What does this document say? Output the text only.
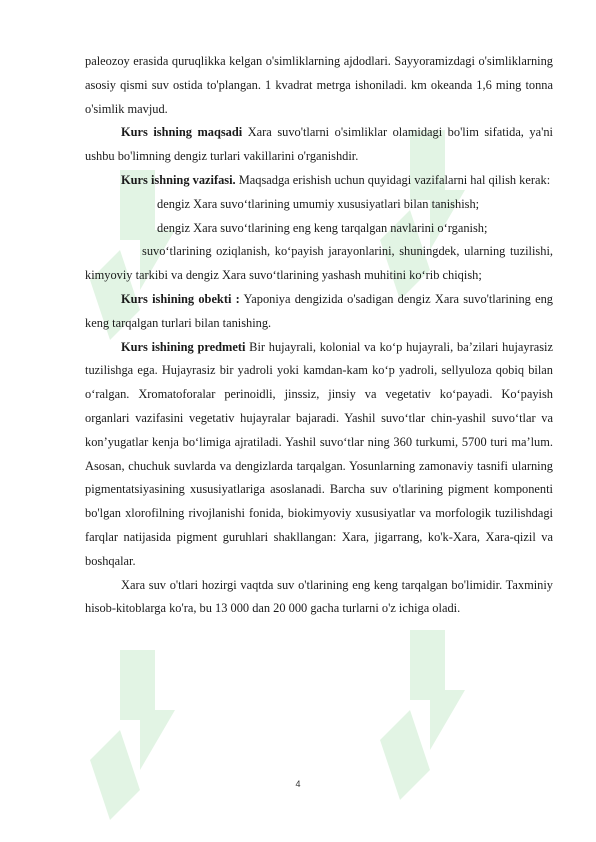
paleozoy erasida quruqlikka kelgan o'simliklarning ajdodlari. Sayyoramizdagi o'simliklarning asosiy qismi suv ostida to'plangan. 1 kvadrat metrga ishoniladi. km okeanda 1,6 ming tonna o'simlik mavjud.

Kurs ishning maqsadi Xara suvo'tlarni o'simliklar olamidagi bo'lim sifatida, ya'ni ushbu bo'limning dengiz turlari vakillarini o'rganishdir.

Kurs ishning vazifasi. Maqsadga erishish uchun quyidagi vazifalarni hal qilish kerak:

dengiz Xara suvo‘tlarining umumiy xususiyatlari bilan tanishish;

dengiz Xara suvo‘tlarining eng keng tarqalgan navlarini o‘rganish;

suvo‘tlarining oziqlanish, ko‘payish jarayonlarini, shuningdek, ularning tuzilishi, kimyoviy tarkibi va dengiz Xara suvo‘tlarining yashash muhitini ko‘rib chiqish;

Kurs ishining obekti : Yaponiya dengizida o'sadigan dengiz Xara suvo'tlarining eng keng tarqalgan turlari bilan tanishing.

Kurs ishining predmeti Bir hujayrali, kolonial va ko‘p hujayrali, ba’zilari hujayrasiz tuzilishga ega. Hujayrasiz bir yadroli yoki kamdan-kam ko‘p yadroli, sellyuloza qobiq bilan o‘ralgan. Xromatoforalar perinoidli, jinssiz, jinsiy va vegetativ ko‘payadi. Ko‘payish organlari vazifasini vegetativ hujayralar bajaradi. Yashil suvo‘tlar chin-yashil suvo‘tlar va kon’yugatlar kenja bo‘limiga ajratiladi. Yashil suvo‘tlar ning 360 turkumi, 5700 turi ma’lum. Asosan, chuchuk suvlarda va dengizlarda tarqalgan. Yosunlarning zamonaviy tasnifi ularning pigmentatsiyasining xususiyatlariga asoslanadi. Barcha suv o'tlarining pigment komponenti bo'lgan xlorofilning rivojlanishi fonida, biokimyoviy xususiyatlar va morfologik tuzilishdagi farqlar natijasida pigment guruhlari shakllangan: Xara, jigarrang, ko'k-Xara, Xara-qizil va boshqalar.

Xara suv o'tlari hozirgi vaqtda suv o'tlarining eng keng tarqalgan bo'limidir. Taxminiy hisob-kitoblarga ko'ra, bu 13 000 dan 20 000 gacha turlarni o'z ichiga oladi.

4
